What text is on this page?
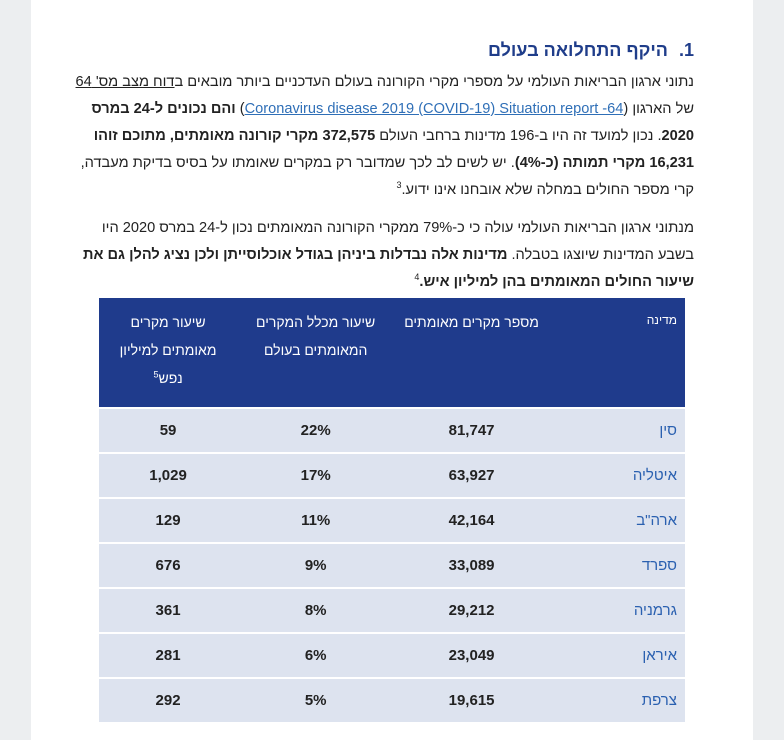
1. היקף התחלואה בעולם

נתוני ארגון הבריאות העולמי על מספרי מקרי הקורונה בעולם העדכניים ביותר מובאים בדוח מצב מס' 64 של הארגון (Coronavirus disease 2019 (COVID-19) Situation report -64) והם נכונים ל-24 במרס 2020. נכון למועד זה היו ב-196 מדינות ברחבי העולם 372,575 מקרי קורונה מאומתים, מתוכם זוהו 16,231 מקרי תמותה (כ-4%). יש לשים לב לכך שמדובר רק במקרים שאומתו על בסיס בדיקת מעבדה, קרי מספר החולים במחלה שלא אובחנו אינו ידוע.$^3$

מנתוני ארגון הבריאות העולמי עולה כי כ-79% ממקרי הקורונה המאומתים נכון ל-24 במרס 2020 היו בשבע המדינות שיוצגו בטבלה. מדינות אלה נבדלות ביניהן בגודל אוכלוסייתן ולכן נציג להלן גם את שיעור החולים המאומתים בהן למיליון איש.$^4$

מדינה	מספר מקרים מאומתים	שיעור מכלל המקרים המאומתים בעולם	שיעור מקרים מאומתים למיליון נפש$^5$
סין	81,747	22%	59
איטליה	63,927	17%	1,029
ארה"ב	42,164	11%	129
ספרד	33,089	9%	676
גרמניה	29,212	8%	361
איראן	23,049	6%	281
צרפת	19,615	5%	292
